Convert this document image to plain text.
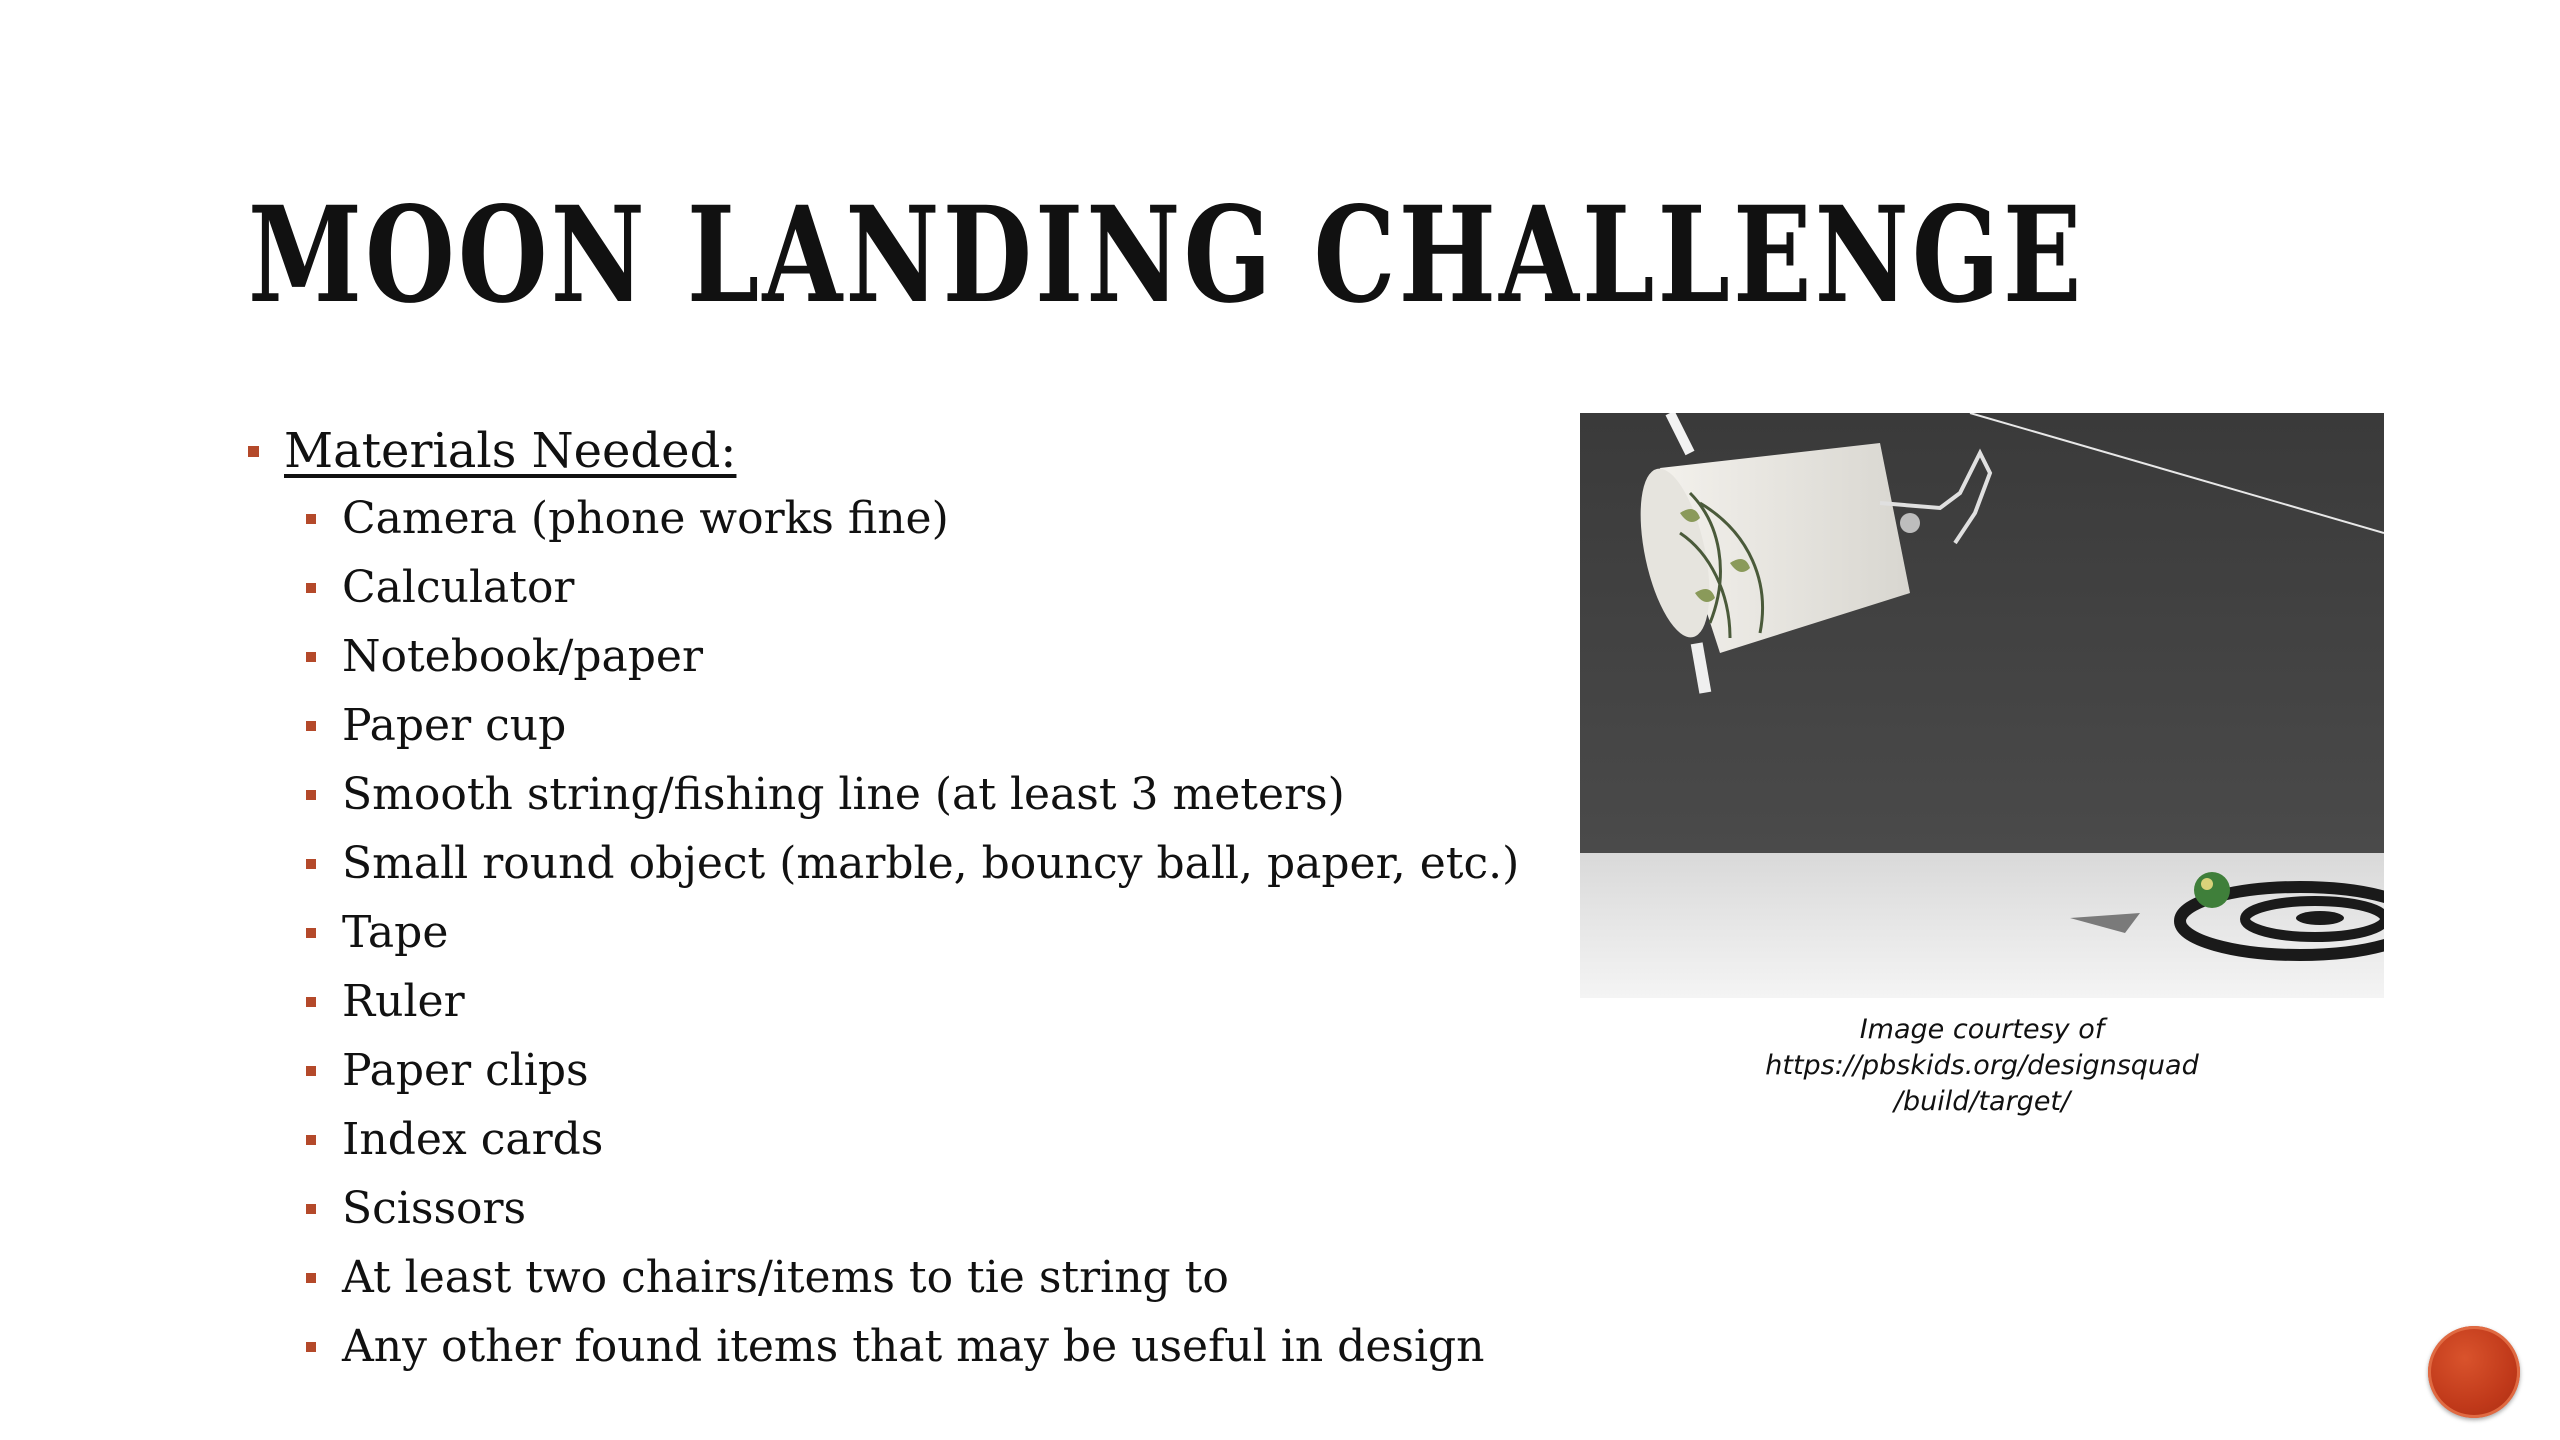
MOON LANDING CHALLENGE
Materials Needed:
Camera (phone works fine)
Calculator
Notebook/paper
Paper cup
Smooth string/fishing line (at least 3 meters)
Small round object (marble, bouncy ball, paper, etc.)
Tape
Ruler
Paper clips
Index cards
Scissors
At least two chairs/items to tie string to
Any other found items that may be useful in design
Image courtesy of
https://pbskids.org/designsquad
/build/target/
